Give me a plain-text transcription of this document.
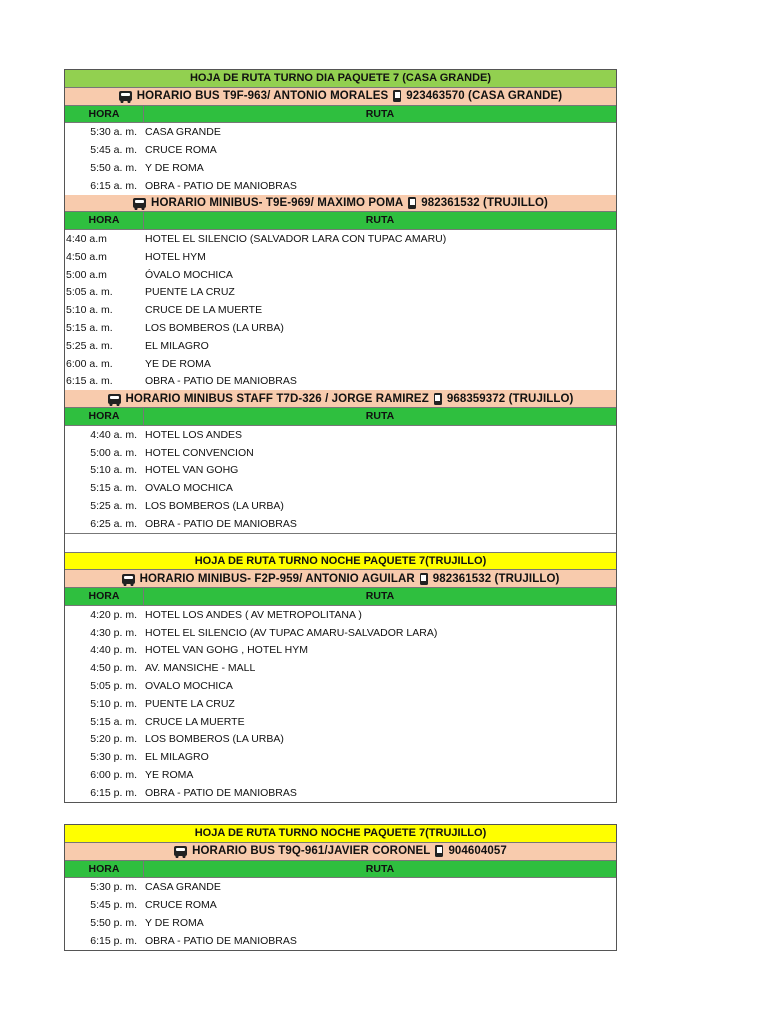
HOJA DE RUTA TURNO DIA PAQUETE 7 (CASA GRANDE)
HORARIO BUS T9F-963/ ANTONIO MORALES 923463570 (CASA GRANDE)
HORA	RUTA
5:30 a. m. CASA GRANDE
5:45 a. m. CRUCE ROMA
5:50 a. m. Y DE ROMA
6:15 a. m. OBRA - PATIO DE MANIOBRAS
HORARIO MINIBUS- T9E-969/ MAXIMO POMA 982361532 (TRUJILLO)
HORA	RUTA
4:40 a.m	HOTEL EL SILENCIO (SALVADOR LARA CON TUPAC AMARU)
4:50 a.m	HOTEL HYM
5:00 a.m	ÓVALO MOCHICA
5:05 a. m.	PUENTE LA CRUZ
5:10 a. m.	CRUCE DE LA MUERTE
5:15 a. m.	LOS BOMBEROS (LA URBA)
5:25 a. m.	EL MILAGRO
6:00 a. m.	YE DE ROMA
6:15 a. m.	OBRA - PATIO DE MANIOBRAS
HORARIO MINIBUS STAFF T7D-326 / JORGE RAMIREZ 968359372 (TRUJILLO)
HORA	RUTA
4:40 a. m. HOTEL LOS ANDES
5:00 a. m. HOTEL CONVENCION
5:10 a. m. HOTEL VAN GOHG
5:15 a. m. OVALO MOCHICA
5:25 a. m. LOS BOMBEROS (LA URBA)
6:25 a. m. OBRA - PATIO DE MANIOBRAS
HOJA DE RUTA TURNO NOCHE PAQUETE 7(TRUJILLO)
HORARIO MINIBUS- F2P-959/ ANTONIO AGUILAR 982361532 (TRUJILLO)
HORA	RUTA
4:20 p. m. HOTEL LOS ANDES ( AV METROPOLITANA )
4:30 p. m. HOTEL EL SILENCIO (AV TUPAC AMARU-SALVADOR LARA)
4:40 p. m. HOTEL VAN GOHG , HOTEL HYM
4:50 p. m. AV. MANSICHE - MALL
5:05 p. m. OVALO MOCHICA
5:10 p. m. PUENTE LA CRUZ
5:15 a. m. CRUCE LA MUERTE
5:20 p. m. LOS BOMBEROS (LA URBA)
5:30 p. m. EL MILAGRO
6:00 p. m. YE ROMA
6:15 p. m. OBRA - PATIO DE MANIOBRAS
HOJA DE RUTA TURNO NOCHE PAQUETE 7(TRUJILLO)
HORARIO BUS T9Q-961/JAVIER CORONEL 904604057
HORA	RUTA
5:30 p. m. CASA GRANDE
5:45 p. m. CRUCE ROMA
5:50 p. m. Y DE ROMA
6:15 p. m. OBRA - PATIO DE MANIOBRAS
